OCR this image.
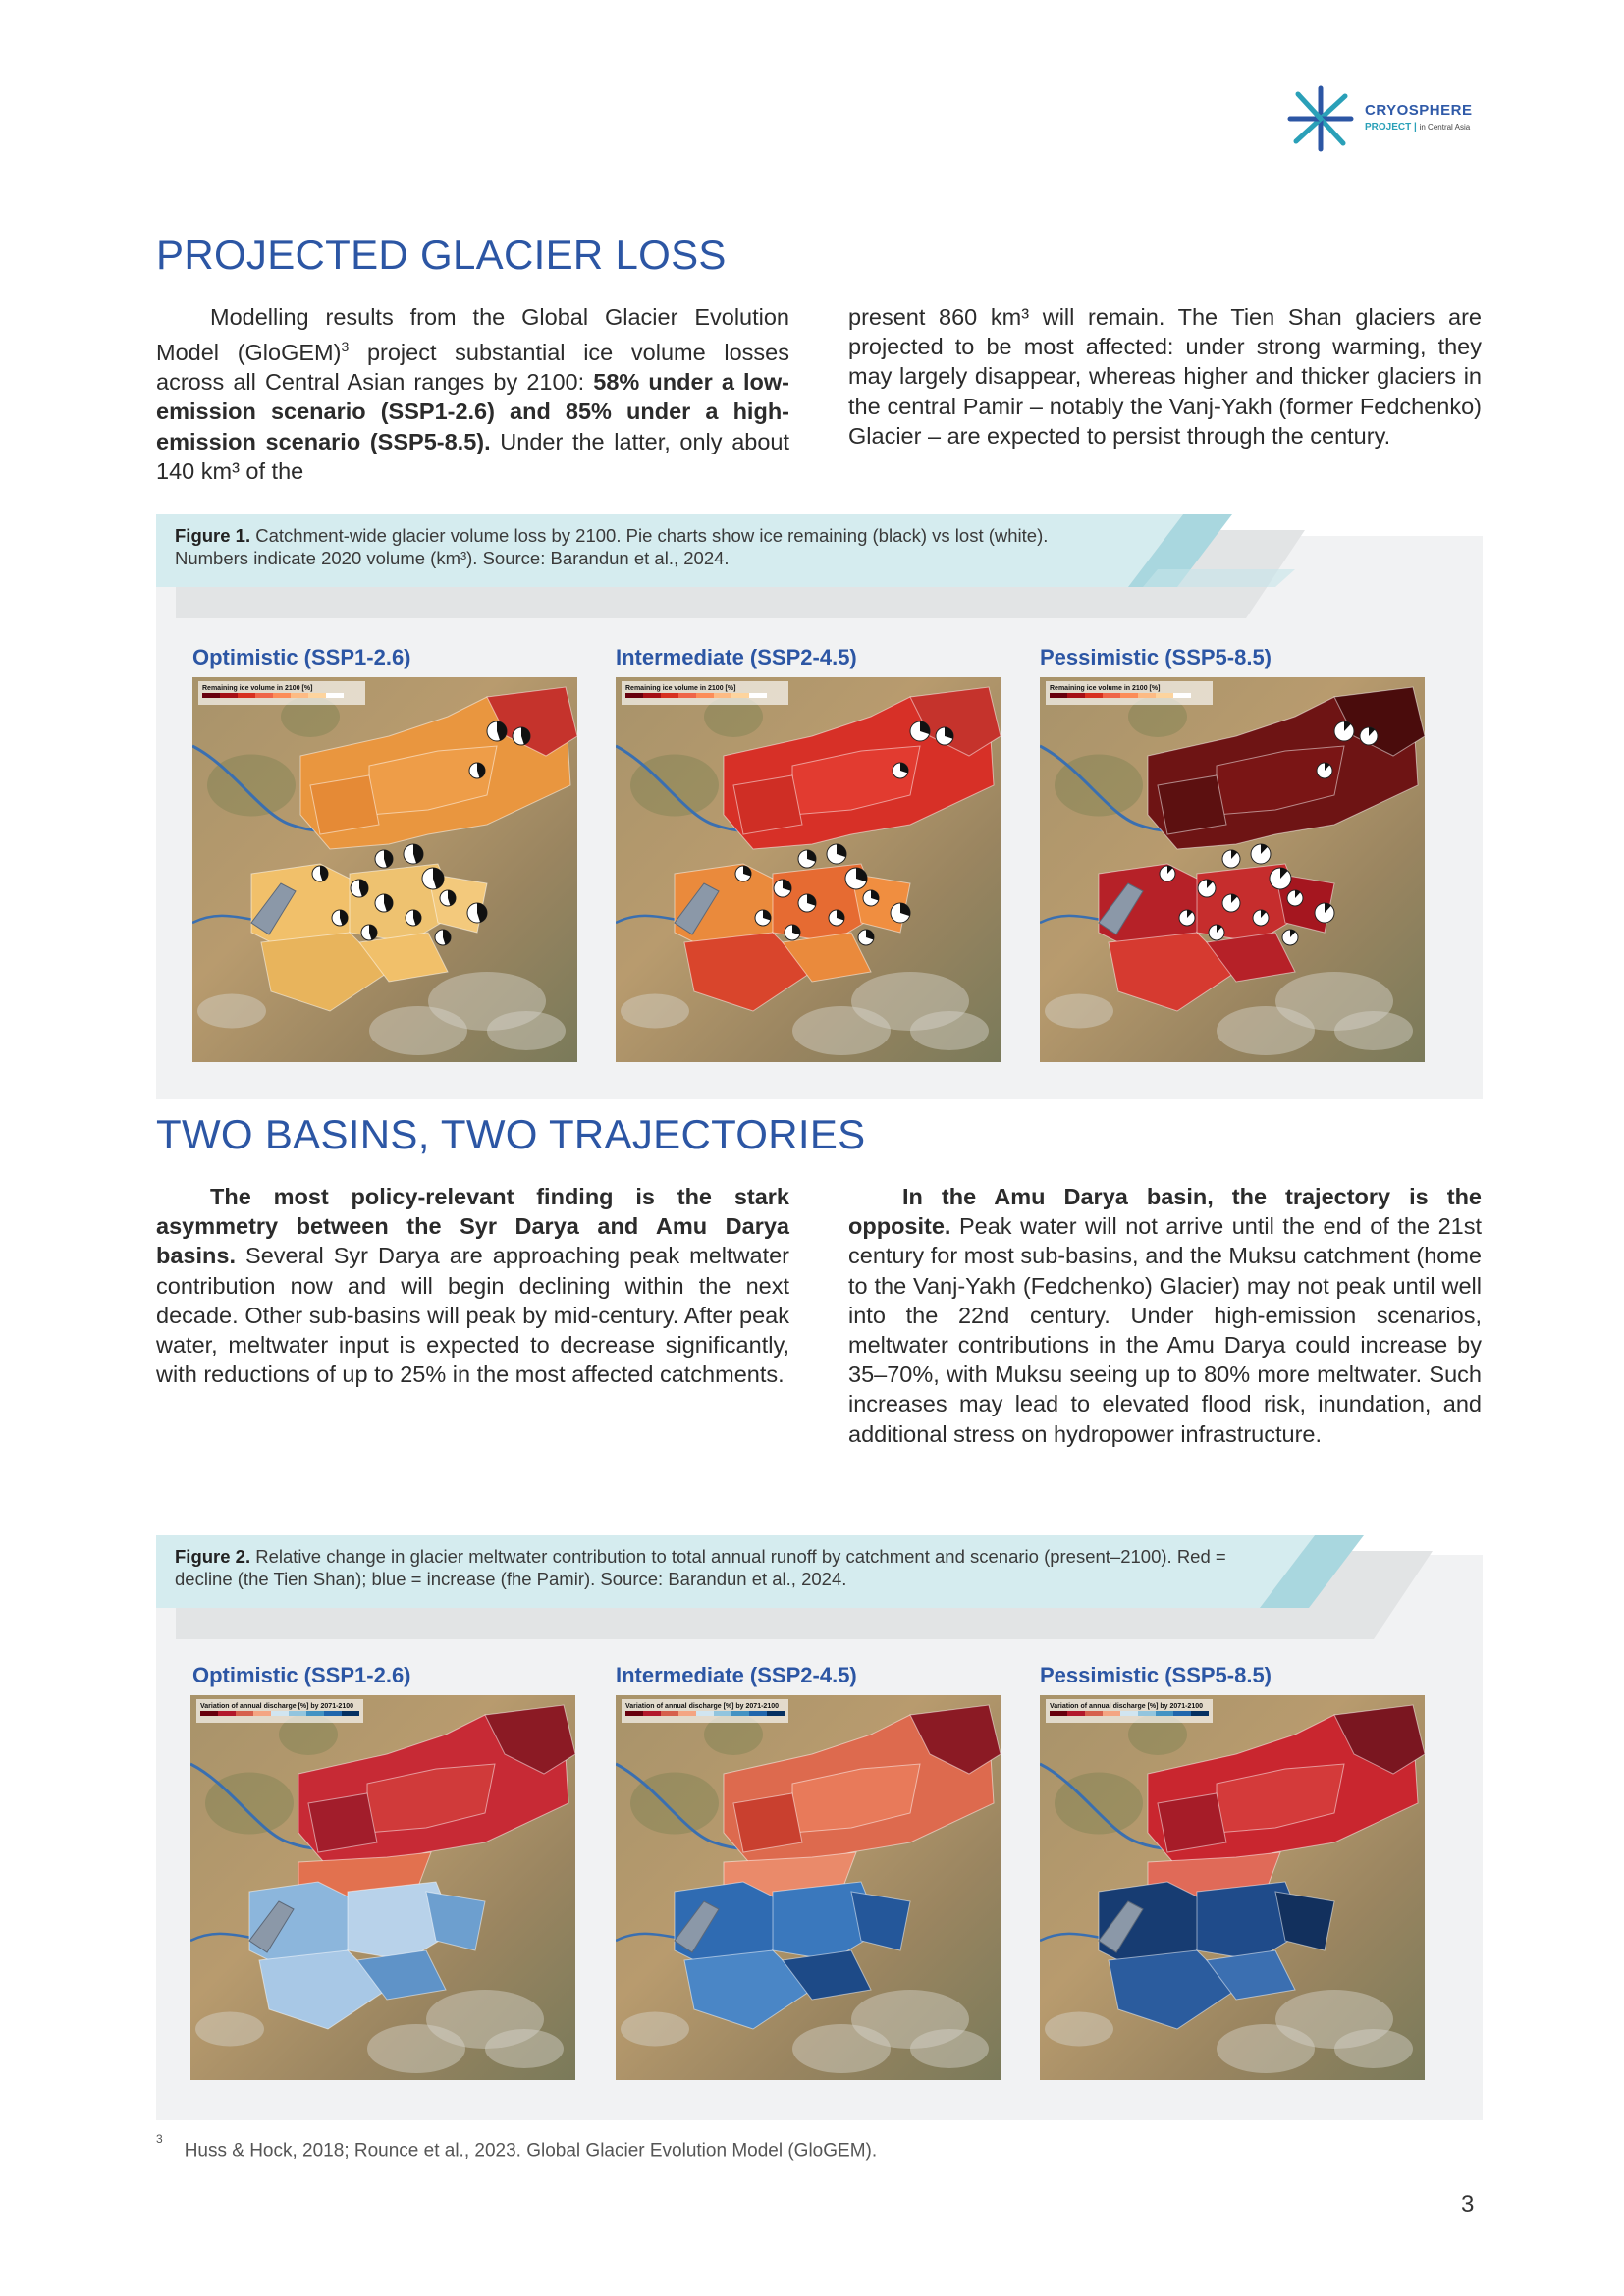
CRYOSPHERE
PROJECT | in Central Asia
PROJECTED GLACIER LOSS

Modelling results from the Global Glacier Evolution Model (GloGEM)$^3$ project substantial ice volume losses across all Central Asian ranges by 2100: 58% under a low-emission scenario (SSP1-2.6) and 85% under a high-emission scenario (SSP5-8.5). Under the latter, only about 140 km³ of the

present 860 km³ will remain. The Tien Shan glaciers are projected to be most affected: under strong warming, they may largely disappear, whereas higher and thicker glaciers in the central Pamir – notably the Vanj-Yakh (former Fedchenko) Glacier – are expected to persist through the century.

Figure 1. Catchment-wide glacier volume loss by 2100. Pie charts show ice remaining (black) vs lost (white). Numbers indicate 2020 volume (km³). Source: Barandun et al., 2024.
Optimistic (SSP1-2.6)	Intermediate (SSP2-4.5)	Pessimistic (SSP5-8.5)
Remaining ice volume in 2100 [%]	Remaining ice volume in 2100 [%]	Remaining ice volume in 2100 [%]
TWO BASINS, TWO TRAJECTORIES

The most policy-relevant finding is the stark asymmetry between the Syr Darya and Amu Darya basins. Several Syr Darya are approaching peak meltwater contribution now and will begin declining within the next decade. Other sub-basins will peak by mid-century. After peak water, meltwater input is expected to decrease significantly, with reductions of up to 25% in the most affected catchments.

In the Amu Darya basin, the trajectory is the opposite. Peak water will not arrive until the end of the 21st century for most sub-basins, and the Muksu catchment (home to the Vanj-Yakh (Fedchenko) Glacier) may not peak until well into the 22nd century. Under high-emission scenarios, meltwater contributions in the Amu Darya could increase by 35–70%, with Muksu seeing up to 80% more meltwater. Such increases may lead to elevated flood risk, inundation, and additional stress on hydropower infrastructure.

Figure 2. Relative change in glacier meltwater contribution to total annual runoff by catchment and scenario (present–2100). Red = decline (the Tien Shan); blue = increase (fhe Pamir). Source: Barandun et al., 2024.
Optimistic (SSP1-2.6)	Intermediate (SSP2-4.5)	Pessimistic (SSP5-8.5)
Variation of annual discharge [%] by 2071-2100	Variation of annual discharge [%] by 2071-2100	Variation of annual discharge [%] by 2071-2100
$^3$Huss & Hock, 2018; Rounce et al., 2023. Global Glacier Evolution Model (GloGEM).
3
